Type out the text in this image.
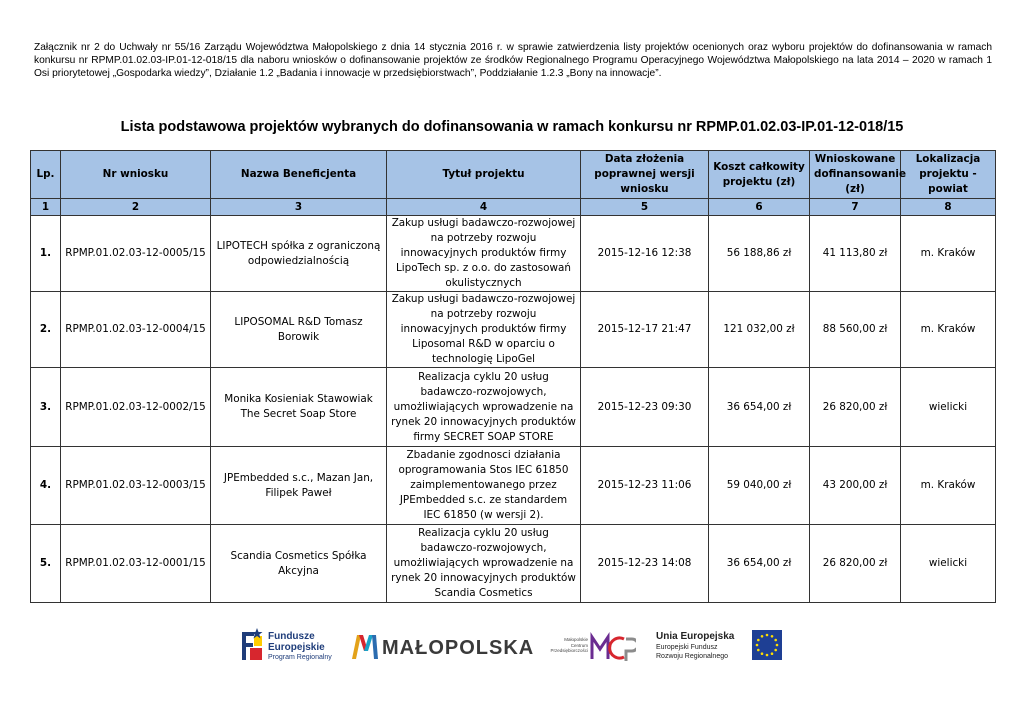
Załącznik nr 2 do Uchwały nr 55/16 Zarządu Województwa Małopolskiego z dnia 14 stycznia 2016 r. w sprawie zatwierdzenia listy projektów ocenionych oraz wyboru projektów do dofinansowania w ramach konkursu nr RPMP.01.02.03-IP.01-12-018/15 dla naboru wniosków o dofinansowanie projektów ze środków Regionalnego Programu Operacyjnego Województwa Małopolskiego na lata 2014 – 2020 w ramach 1 Osi priorytetowej „Gospodarka wiedzy”, Działanie 1.2 „Badania i innowacje w przedsiębiorstwach”, Poddziałanie 1.2.3 „Bony na innowacje”.
Lista podstawowa projektów wybranych do dofinansowania w ramach konkursu nr RPMP.01.02.03-IP.01-12-018/15
Lp.	Nr wniosku	Nazwa Beneficjenta	Tytuł projektu	Data złożenia poprawnej wersji wniosku	Koszt całkowity projektu (zł)	Wnioskowane dofinansowanie (zł)	Lokalizacja projektu - powiat
1	2	3	4	5	6	7	8
1.	RPMP.01.02.03-12-0005/15	LIPOTECH spółka z ograniczoną odpowiedzialnością	Zakup usługi badawczo-rozwojowej na potrzeby rozwoju innowacyjnych produktów firmy LipoTech sp. z o.o. do zastosowań okulistycznych	2015-12-16 12:38	56 188,86 zł	41 113,80 zł	m. Kraków
2.	RPMP.01.02.03-12-0004/15	LIPOSOMAL R&D Tomasz Borowik	Zakup usługi badawczo-rozwojowej na potrzeby rozwoju innowacyjnych produktów firmy Liposomal R&D w oparciu o technologię LipoGel	2015-12-17 21:47	121 032,00 zł	88 560,00 zł	m. Kraków
3.	RPMP.01.02.03-12-0002/15	Monika Kosieniak Stawowiak The Secret Soap Store	Realizacja cyklu 20 usług badawczo-rozwojowych, umożliwiających wprowadzenie na rynek 20 innowacyjnych produktów firmy SECRET SOAP STORE	2015-12-23 09:30	36 654,00 zł	26 820,00 zł	wielicki
4.	RPMP.01.02.03-12-0003/15	JPEmbedded s.c., Mazan Jan, Filipek Paweł	Zbadanie zgodnosci działania oprogramowania Stos IEC 61850 zaimplementowanego przez JPEmbedded s.c. ze standardem IEC 61850 (w wersji 2).	2015-12-23 11:06	59 040,00 zł	43 200,00 zł	m. Kraków
5.	RPMP.01.02.03-12-0001/15	Scandia Cosmetics Spółka Akcyjna	Realizacja cyklu 20 usług badawczo-rozwojowych, umożliwiających wprowadzenie na rynek 20 innowacyjnych produktów Scandia Cosmetics	2015-12-23 14:08	36 654,00 zł	26 820,00 zł	wielicki
Fundusze
Europejskie
Program Regionalny	MAŁOPOLSKA	Małopolskie Centrum Przedsiębiorczości
Unia Europejska
Europejski Fundusz
Rozwoju Regionalnego
